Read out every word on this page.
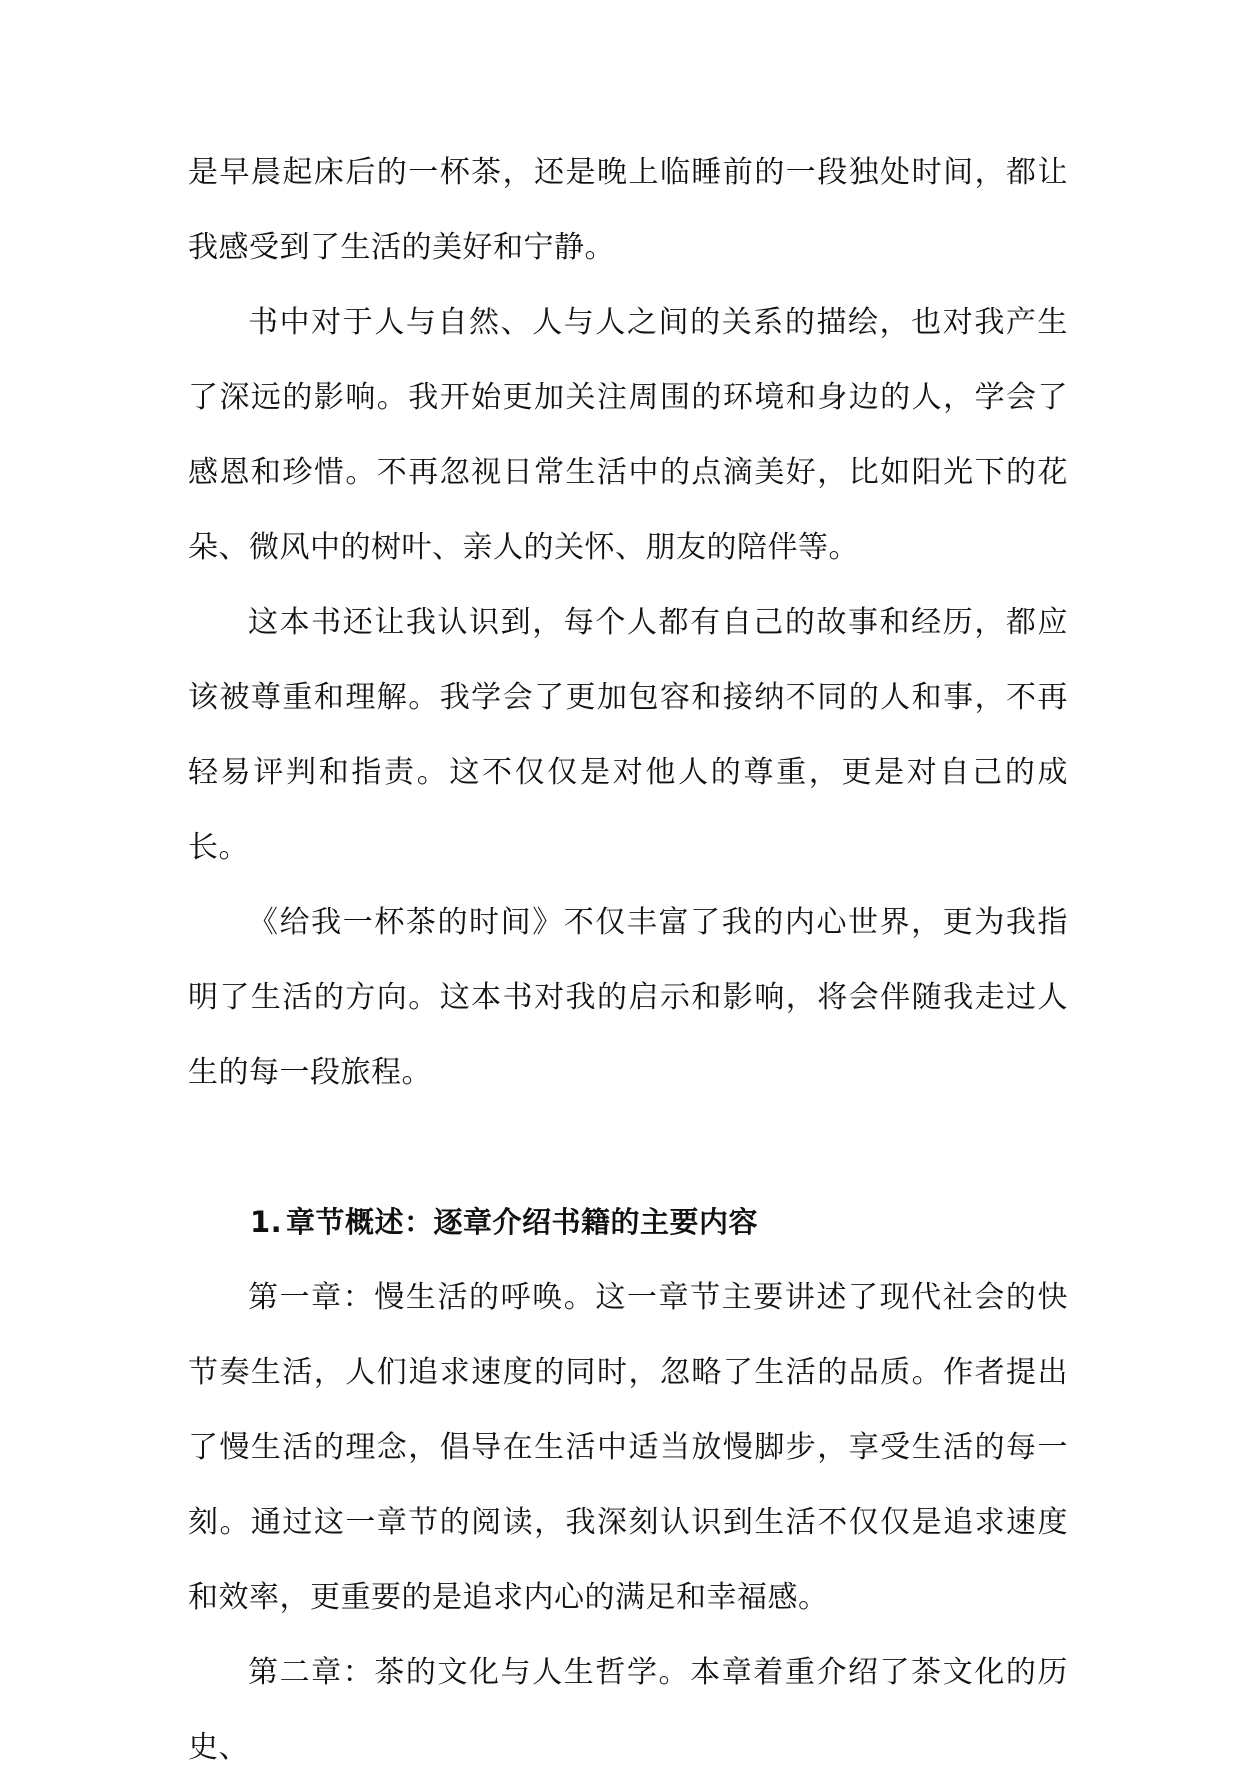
是早晨起床后的一杯茶，还是晚上临睡前的一段独处时间，都让我感受到了生活的美好和宁静。

书中对于人与自然、人与人之间的关系的描绘，也对我产生了深远的影响。我开始更加关注周围的环境和身边的人，学会了感恩和珍惜。不再忽视日常生活中的点滴美好，比如阳光下的花朵、微风中的树叶、亲人的关怀、朋友的陪伴等。

这本书还让我认识到，每个人都有自己的故事和经历，都应该被尊重和理解。我学会了更加包容和接纳不同的人和事，不再轻易评判和指责。这不仅仅是对他人的尊重，更是对自己的成长。

《给我一杯茶的时间》不仅丰富了我的内心世界，更为我指明了生活的方向。这本书对我的启示和影响，将会伴随我走过人生的每一段旅程。

1. 章节概述：逐章介绍书籍的主要内容

第一章：慢生活的呼唤。这一章节主要讲述了现代社会的快节奏生活，人们追求速度的同时，忽略了生活的品质。作者提出了慢生活的理念，倡导在生活中适当放慢脚步，享受生活的每一刻。通过这一章节的阅读，我深刻认识到生活不仅仅是追求速度和效率，更重要的是追求内心的满足和幸福感。

第二章：茶的文化与人生哲学。本章着重介绍了茶文化的历史、
